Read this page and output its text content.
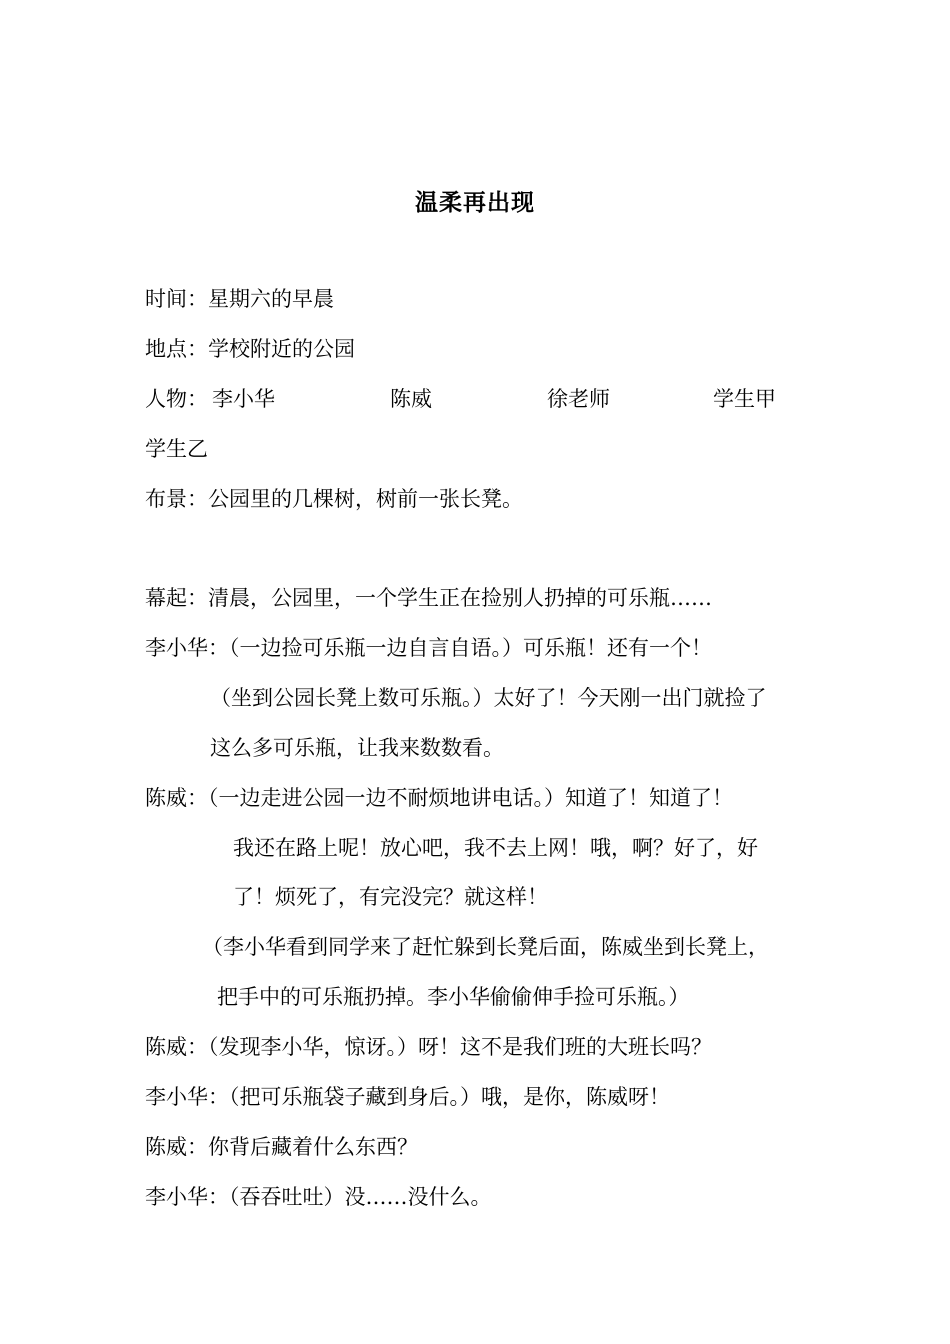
温柔再出现
时间：星期六的早晨
地点：学校附近的公园
人物： 李小华	陈威	徐老师	学生甲
学生乙
布景：公园里的几棵树，树前一张长凳。
幕起：清晨，公园里，一个学生正在捡别人扔掉的可乐瓶……
李小华：（一边捡可乐瓶一边自言自语。）可乐瓶！还有一个！
（坐到公园长凳上数可乐瓶。）太好了！今天刚一出门就捡了
这么多可乐瓶，让我来数数看。
陈威：（一边走进公园一边不耐烦地讲电话。）知道了！知道了！
我还在路上呢！放心吧，我不去上网！哦，啊？好了，好
了！烦死了，有完没完？就这样！
（李小华看到同学来了赶忙躲到长凳后面，陈威坐到长凳上，
把手中的可乐瓶扔掉。李小华偷偷伸手捡可乐瓶。）
陈威：（发现李小华，惊讶。）呀！这不是我们班的大班长吗？
李小华：（把可乐瓶袋子藏到身后。）哦，是你，陈威呀！
陈威：你背后藏着什么东西？
李小华：（吞吞吐吐）没……没什么。
